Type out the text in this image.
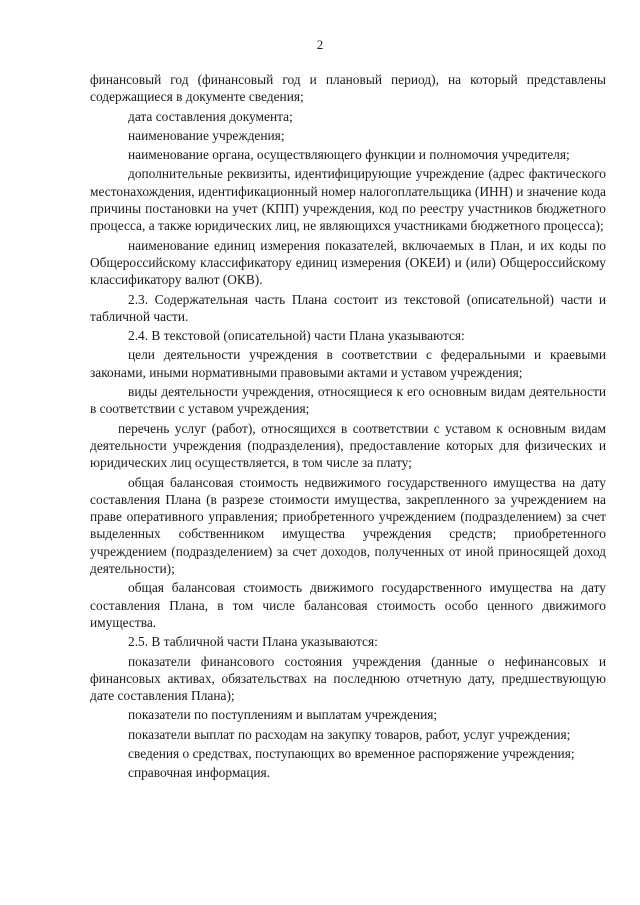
2

финансовый год (финансовый год и плановый период), на который представлены содержащиеся в документе сведения;

дата составления документа;

наименование учреждения;

наименование органа, осуществляющего функции и полномочия учредителя;

дополнительные реквизиты, идентифицирующие учреждение (адрес фактического местонахождения, идентификационный номер налогоплательщика (ИНН) и значение кода причины постановки на учет (КПП) учреждения, код по реестру участников бюджетного процесса, а также юридических лиц, не являющихся участниками бюджетного процесса);

наименование единиц измерения показателей, включаемых в План, и их коды по Общероссийскому классификатору единиц измерения (ОКЕИ) и (или) Общероссийскому классификатору валют (ОКВ).

2.3. Содержательная часть Плана состоит из текстовой (описательной) части и табличной части.

2.4. В текстовой (описательной) части Плана указываются:

цели деятельности учреждения в соответствии с федеральными и краевыми законами, иными нормативными правовыми актами и уставом учреждения;

виды деятельности учреждения, относящиеся к его основным видам деятельности в соответствии с уставом учреждения;

перечень услуг (работ), относящихся в соответствии с уставом к основным видам деятельности учреждения (подразделения), предоставление которых для физических и юридических лиц осуществляется, в том числе за плату;

общая балансовая стоимость недвижимого государственного имущества на дату составления Плана (в разрезе стоимости имущества, закрепленного за учреждением на праве оперативного управления; приобретенного учреждением (подразделением) за счет выделенных собственником имущества учреждения средств; приобретенного учреждением (подразделением) за счет доходов, полученных от иной приносящей доход деятельности);

общая балансовая стоимость движимого государственного имущества на дату составления Плана, в том числе балансовая стоимость особо ценного движимого имущества.

2.5. В табличной части Плана указываются:

показатели финансового состояния учреждения (данные о нефинансовых и финансовых активах, обязательствах на последнюю отчетную дату, предшествующую дате составления Плана);

показатели по поступлениям и выплатам учреждения;

показатели выплат по расходам на закупку товаров, работ, услуг учреждения;

сведения о средствах, поступающих во временное распоряжение учреждения;

справочная информация.
